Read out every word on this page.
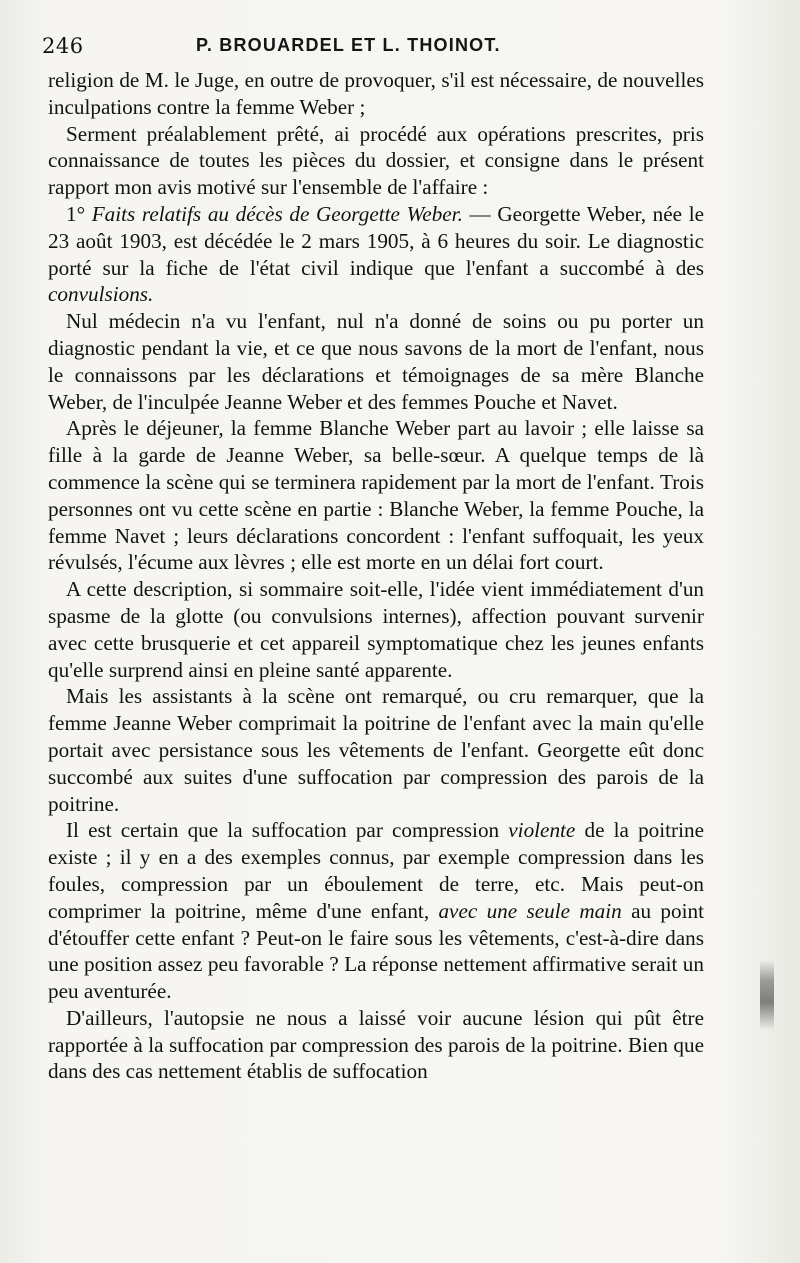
246	P. BROUARDEL ET L. THOINOT.

religion de M. le Juge, en outre de provoquer, s'il est nécessaire, de nouvelles inculpations contre la femme Weber ;

Serment préalablement prêté, ai procédé aux opérations prescrites, pris connaissance de toutes les pièces du dossier, et consigne dans le présent rapport mon avis motivé sur l'ensemble de l'affaire :

1° Faits relatifs au décès de Georgette Weber. — Georgette Weber, née le 23 août 1903, est décédée le 2 mars 1905, à 6 heures du soir. Le diagnostic porté sur la fiche de l'état civil indique que l'enfant a succombé à des convulsions.

Nul médecin n'a vu l'enfant, nul n'a donné de soins ou pu porter un diagnostic pendant la vie, et ce que nous savons de la mort de l'enfant, nous le connaissons par les déclarations et témoignages de sa mère Blanche Weber, de l'inculpée Jeanne Weber et des femmes Pouche et Navet.

Après le déjeuner, la femme Blanche Weber part au lavoir ; elle laisse sa fille à la garde de Jeanne Weber, sa belle-sœur. A quelque temps de là commence la scène qui se terminera rapidement par la mort de l'enfant. Trois personnes ont vu cette scène en partie : Blanche Weber, la femme Pouche, la femme Navet ; leurs déclarations concordent : l'enfant suffoquait, les yeux révulsés, l'écume aux lèvres ; elle est morte en un délai fort court.

A cette description, si sommaire soit-elle, l'idée vient immédiatement d'un spasme de la glotte (ou convulsions internes), affection pouvant survenir avec cette brusquerie et cet appareil symptomatique chez les jeunes enfants qu'elle surprend ainsi en pleine santé apparente.

Mais les assistants à la scène ont remarqué, ou cru remarquer, que la femme Jeanne Weber comprimait la poitrine de l'enfant avec la main qu'elle portait avec persistance sous les vêtements de l'enfant. Georgette eût donc succombé aux suites d'une suffocation par compression des parois de la poitrine.

Il est certain que la suffocation par compression violente de la poitrine existe ; il y en a des exemples connus, par exemple compression dans les foules, compression par un éboulement de terre, etc. Mais peut-on comprimer la poitrine, même d'une enfant, avec une seule main au point d'étouffer cette enfant ? Peut-on le faire sous les vêtements, c'est-à-dire dans une position assez peu favorable ? La réponse nettement affirmative serait un peu aventurée.

D'ailleurs, l'autopsie ne nous a laissé voir aucune lésion qui pût être rapportée à la suffocation par compression des parois de la poitrine. Bien que dans des cas nettement établis de suffocation
